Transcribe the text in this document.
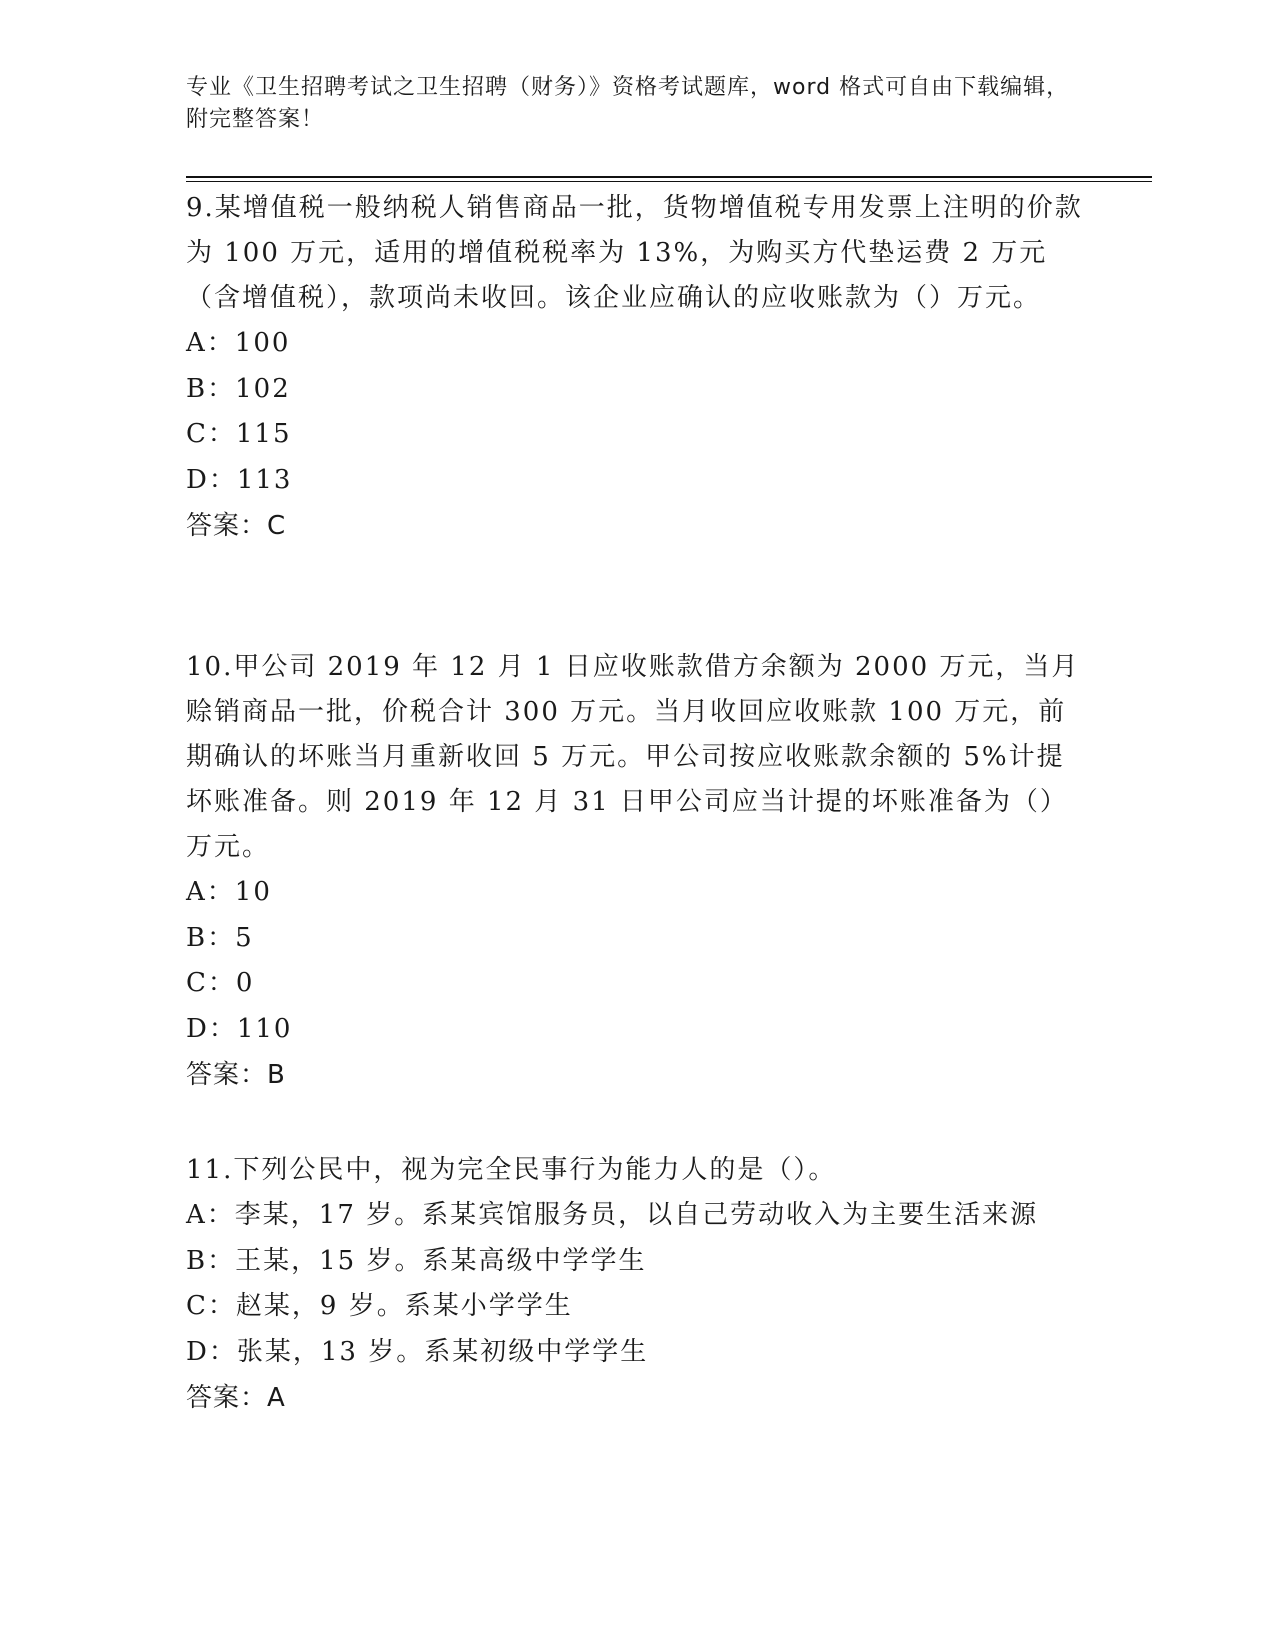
专业《卫生招聘考试之卫生招聘（财务）》资格考试题库，word 格式可自由下载编辑，附完整答案！
9.某增值税一般纳税人销售商品一批，货物增值税专用发票上注明的价款为 100 万元，适用的增值税税率为 13%，为购买方代垫运费 2 万元（含增值税），款项尚未收回。该企业应确认的应收账款为（）万元。
A：100
B：102
C：115
D：113
答案：C
10.甲公司 2019 年 12 月 1 日应收账款借方余额为 2000 万元，当月赊销商品一批，价税合计 300 万元。当月收回应收账款 100 万元，前期确认的坏账当月重新收回 5 万元。甲公司按应收账款余额的 5%计提坏账准备。则 2019 年 12 月 31 日甲公司应当计提的坏账准备为（）万元。
A：10
B：5
C：0
D：110
答案：B
11.下列公民中，视为完全民事行为能力人的是（）。
A：李某，17 岁。系某宾馆服务员，以自己劳动收入为主要生活来源
B：王某，15 岁。系某高级中学学生
C：赵某，9 岁。系某小学学生
D：张某，13 岁。系某初级中学学生
答案：A
